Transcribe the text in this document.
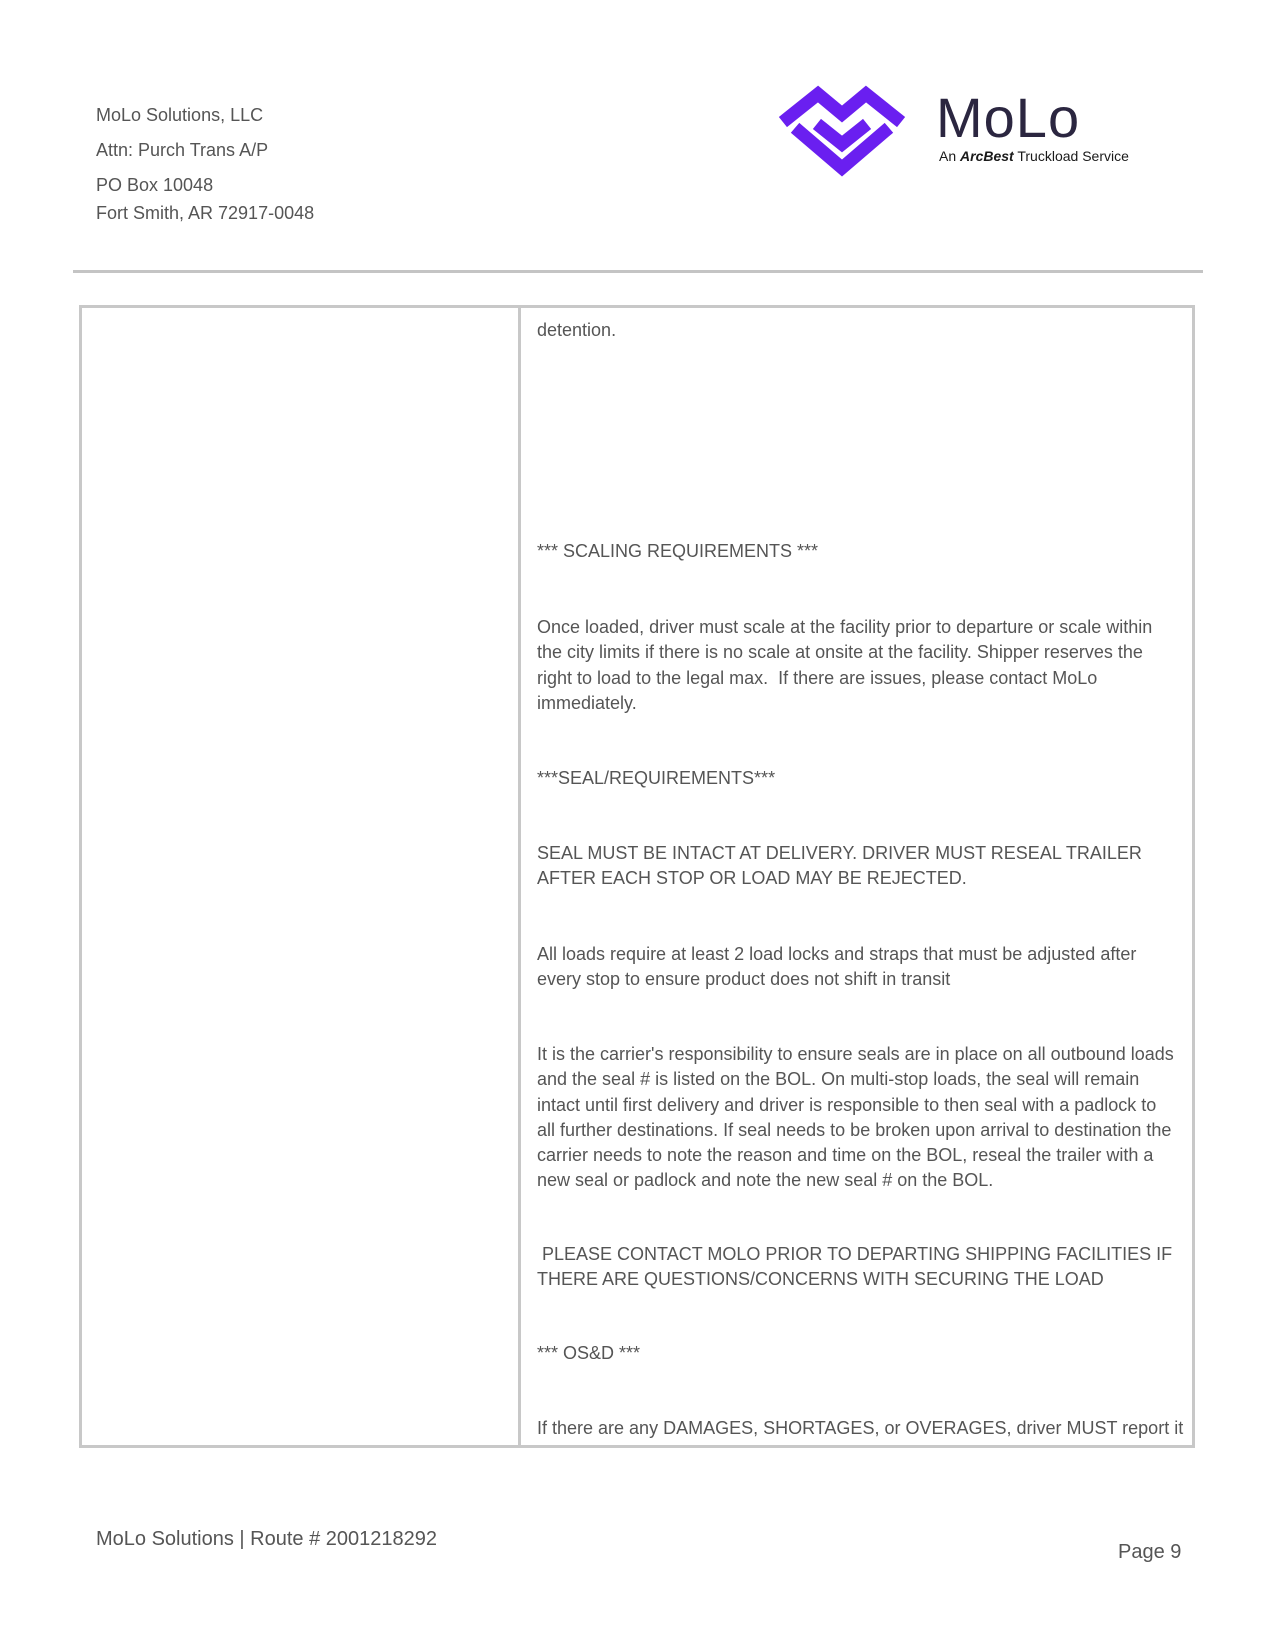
MoLo Solutions, LLC
Attn: Purch Trans A/P
PO Box 10048
Fort Smith, AR 72917-0048
MoLo
An ArcBest Truckload Service
detention.
*** SCALING REQUIREMENTS ***
Once loaded, driver must scale at the facility prior to departure or scale within the city limits if there is no scale at onsite at the facility. Shipper reserves the right to load to the legal max.  If there are issues, please contact MoLo immediately.
***SEAL/REQUIREMENTS***
SEAL MUST BE INTACT AT DELIVERY. DRIVER MUST RESEAL TRAILER AFTER EACH STOP OR LOAD MAY BE REJECTED.
All loads require at least 2 load locks and straps that must be adjusted after every stop to ensure product does not shift in transit
It is the carrier's responsibility to ensure seals are in place on all outbound loads and the seal # is listed on the BOL. On multi-stop loads, the seal will remain intact until first delivery and driver is responsible to then seal with a padlock to all further destinations. If seal needs to be broken upon arrival to destination the carrier needs to note the reason and time on the BOL, reseal the trailer with a new seal or padlock and note the new seal # on the BOL.
PLEASE CONTACT MOLO PRIOR TO DEPARTING SHIPPING FACILITIES IF THERE ARE QUESTIONS/CONCERNS WITH SECURING THE LOAD
*** OS&D ***
If there are any DAMAGES, SHORTAGES, or OVERAGES, driver MUST report it
MoLo Solutions | Route # 2001218292
Page 9
